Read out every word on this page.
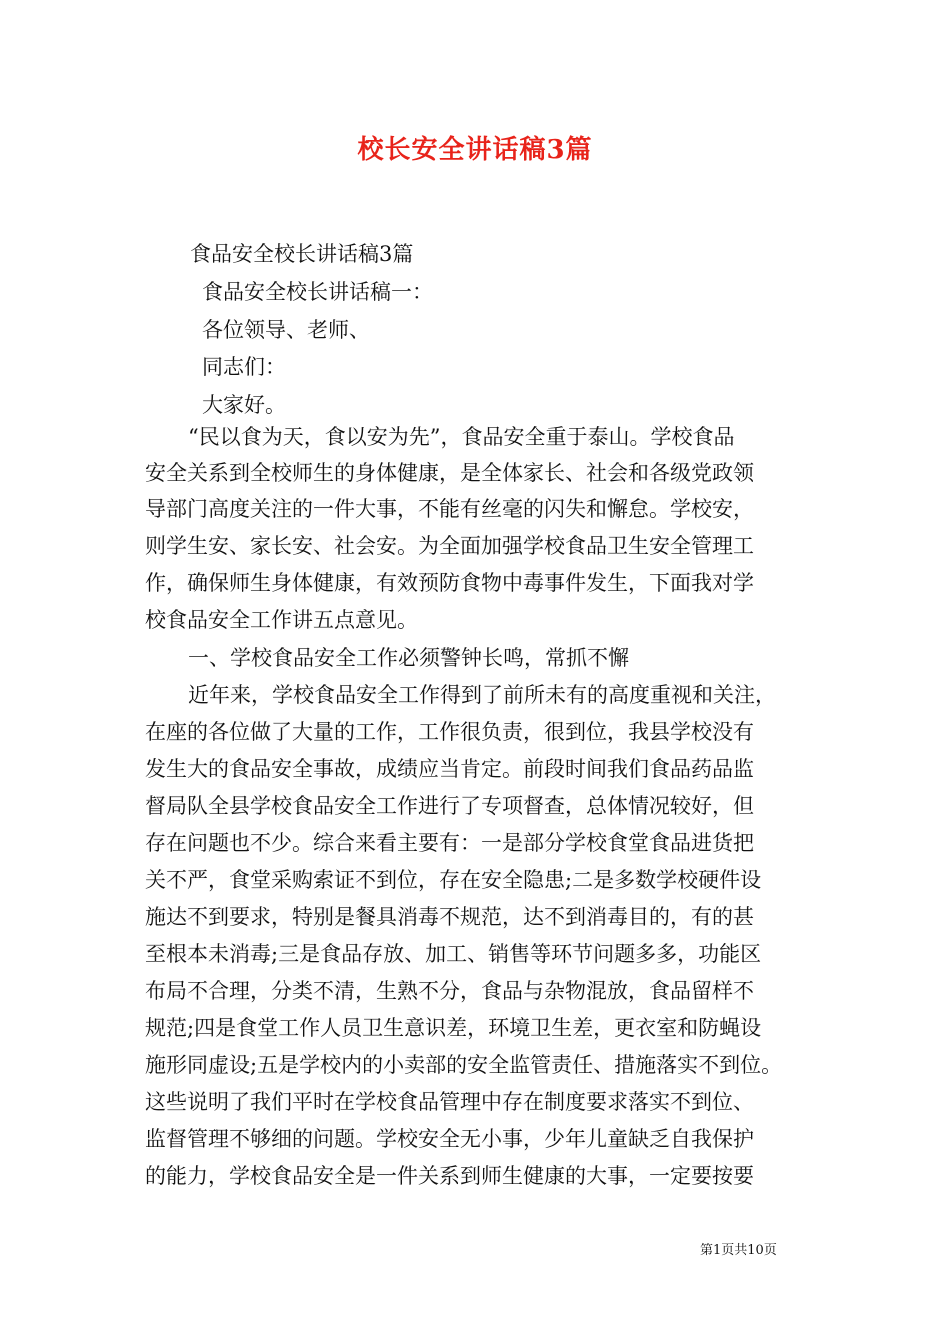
校长安全讲话稿3篇
食品安全校长讲话稿3篇
食品安全校长讲话稿一：
各位领导、老师、
同志们：
大家好。
“民以食为天，食以安为先”，食品安全重于泰山。学校食品
安全关系到全校师生的身体健康，是全体家长、社会和各级党政领
导部门高度关注的一件大事，不能有丝毫的闪失和懈怠。学校安，
则学生安、家长安、社会安。为全面加强学校食品卫生安全管理工
作，确保师生身体健康，有效预防食物中毒事件发生，下面我对学
校食品安全工作讲五点意见。
一、学校食品安全工作必须警钟长鸣，常抓不懈
近年来，学校食品安全工作得到了前所未有的高度重视和关注，
在座的各位做了大量的工作，工作很负责，很到位，我县学校没有
发生大的食品安全事故，成绩应当肯定。前段时间我们食品药品监
督局队全县学校食品安全工作进行了专项督查，总体情况较好，但
存在问题也不少。综合来看主要有：一是部分学校食堂食品进货把
关不严，食堂采购索证不到位，存在安全隐患;二是多数学校硬件设
施达不到要求，特别是餐具消毒不规范，达不到消毒目的，有的甚
至根本未消毒;三是食品存放、加工、销售等环节问题多多，功能区
布局不合理，分类不清，生熟不分，食品与杂物混放，食品留样不
规范;四是食堂工作人员卫生意识差，环境卫生差，更衣室和防蝇设
施形同虚设;五是学校内的小卖部的安全监管责任、措施落实不到位。
这些说明了我们平时在学校食品管理中存在制度要求落实不到位、
监督管理不够细的问题。学校安全无小事，少年儿童缺乏自我保护
的能力，学校食品安全是一件关系到师生健康的大事，一定要按要
第1页共10页
